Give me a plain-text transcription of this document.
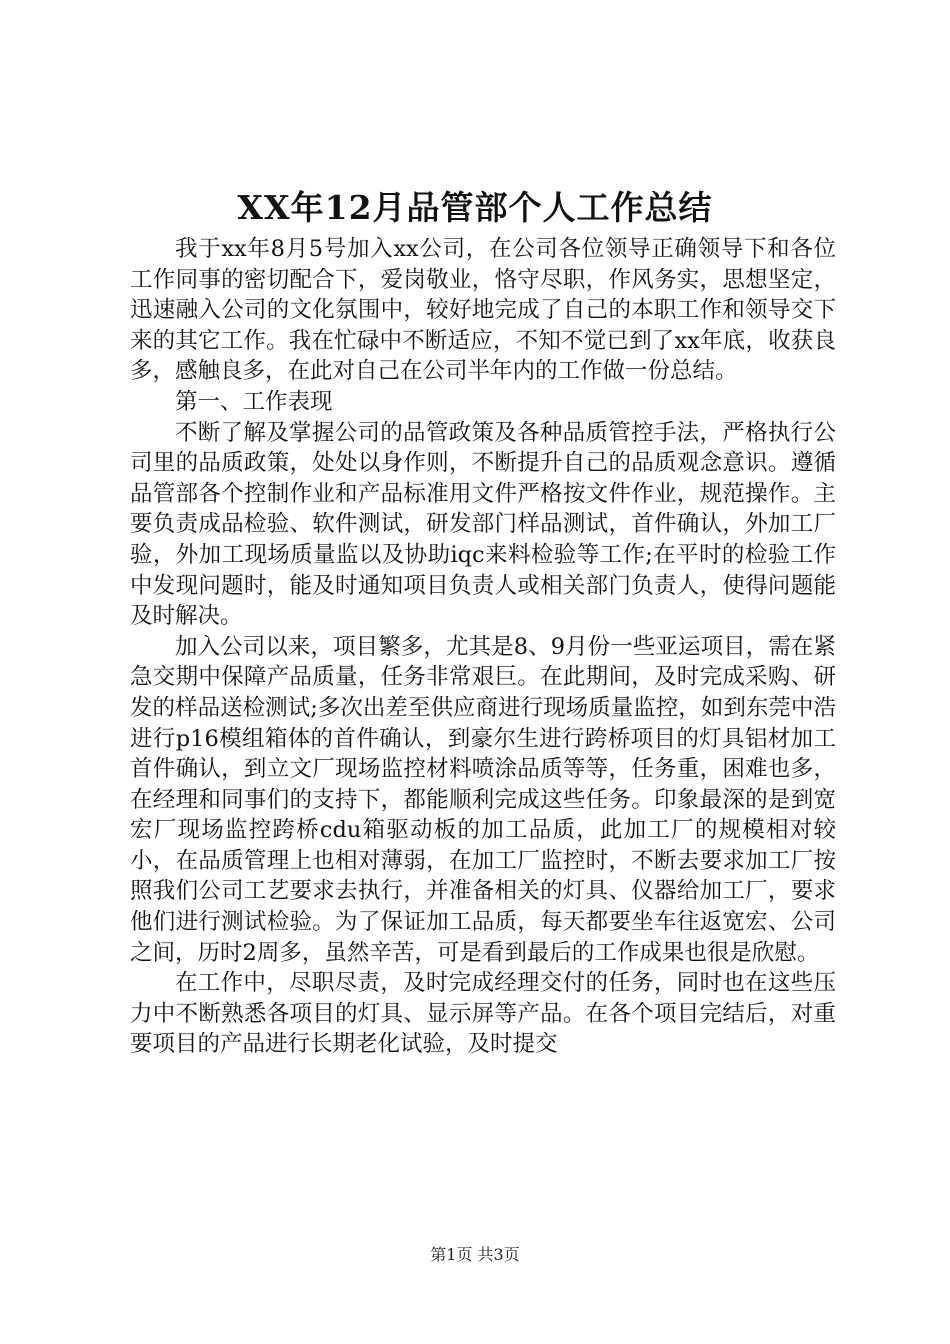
XX年12月品管部个人工作总结

我于xx年8月5号加入xx公司，在公司各位领导正确领导下和各位工作同事的密切配合下，爱岗敬业，恪守尽职，作风务实，思想坚定，迅速融入公司的文化氛围中，较好地完成了自己的本职工作和领导交下来的其它工作。我在忙碌中不断适应，不知不觉已到了xx年底，收获良多，感触良多，在此对自己在公司半年内的工作做一份总结。

第一、工作表现

不断了解及掌握公司的品管政策及各种品质管控手法，严格执行公司里的品质政策，处处以身作则，不断提升自己的品质观念意识。遵循品管部各个控制作业和产品标准用文件严格按文件作业，规范操作。主要负责成品检验、软件测试，研发部门样品测试，首件确认，外加工厂验，外加工现场质量监以及协助iqc来料检验等工作;在平时的检验工作中发现问题时，能及时通知项目负责人或相关部门负责人，使得问题能及时解决。

加入公司以来，项目繁多，尤其是8、9月份一些亚运项目，需在紧急交期中保障产品质量，任务非常艰巨。在此期间，及时完成采购、研发的样品送检测试;多次出差至供应商进行现场质量监控，如到东莞中浩进行p16模组箱体的首件确认，到豪尔生进行跨桥项目的灯具铝材加工首件确认，到立文厂现场监控材料喷涂品质等等，任务重，困难也多，在经理和同事们的支持下，都能顺利完成这些任务。印象最深的是到宽宏厂现场监控跨桥cdu箱驱动板的加工品质，此加工厂的规模相对较小，在品质管理上也相对薄弱，在加工厂监控时，不断去要求加工厂按照我们公司工艺要求去执行，并准备相关的灯具、仪器给加工厂，要求他们进行测试检验。为了保证加工品质，每天都要坐车往返宽宏、公司之间，历时2周多，虽然辛苦，可是看到最后的工作成果也很是欣慰。

在工作中，尽职尽责，及时完成经理交付的任务，同时也在这些压力中不断熟悉各项目的灯具、显示屏等产品。在各个项目完结后，对重要项目的产品进行长期老化试验，及时提交

第1页 共3页
